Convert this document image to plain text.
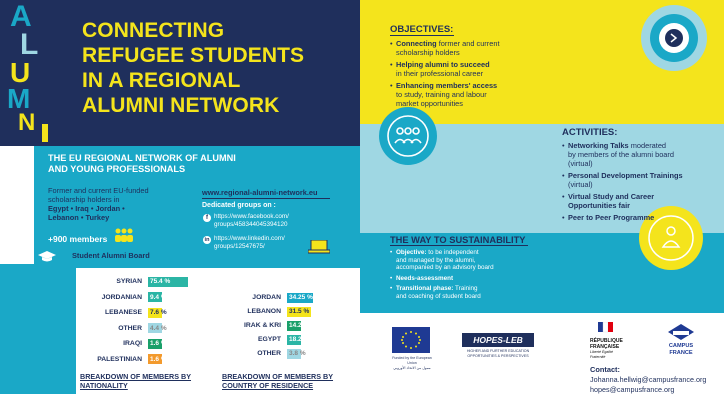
A
L
U
M
N
CONNECTING
REFUGEE STUDENTS
IN A REGIONAL
ALUMNI NETWORK
THE EU REGIONAL NETWORK OF ALUMNI
AND YOUNG PROFESSIONALS
Former and current EU-funded
scholarship holders in
Egypt • Iraq • Jordan •
Lebanon • Turkey
+900 members
Student Alumni Board
www.regional-alumni-network.eu
Dedicated groups on :
f https://www.facebook.com/
groups/458344045394120
in https://www.linkedin.com/
groups/12547675/
OBJECTIVES:
• Connecting former and current
scholarship holders
• Helping alumni to succeed
in their professional career
• Enhancing members' access
to study, training and labour
market opportunities
ACTIVITIES:
• Networking Talks moderated
by members of the alumni board
(virtual)
• Personal Development Trainings
(virtual)
• Virtual Study and Career
Opportunities fair
• Peer to Peer Programme
THE WAY TO SUSTAINABILITY
• Objective: to be independent
and managed by the alumni,
accompanied by an advisory board
• Needs-assessment
• Transitional phase: Training
and coaching of student board
SYRIAN 75.4 %
JORDANIAN 9.4 %
LEBANESE 7.6 %
OTHER 4.4 %
IRAQI 1.6 %
PALESTINIAN 1.6 %
JORDAN 34.25 %
LEBANON 31.5 %
IRAK & KRI 14.20 %
EGYPT 18.25 %
OTHER 3.8 %
BREAKDOWN OF MEMBERS BY NATIONALITY
BREAKDOWN OF MEMBERS BY COUNTRY OF RESIDENCE
Funded by the European Union
ممول من الاتحاد الأوروبي
HOPES-LEB
HIGHER AND FURTHER EDUCATION
OPPORTUNITIES & PERSPECTIVES
RÉPUBLIQUE
FRANÇAISE
Liberté Égalité Fraternité
CAMPUS
FRANCE
Contact:
Johanna.hellwig@campusfrance.org
hopes@campusfrance.org
